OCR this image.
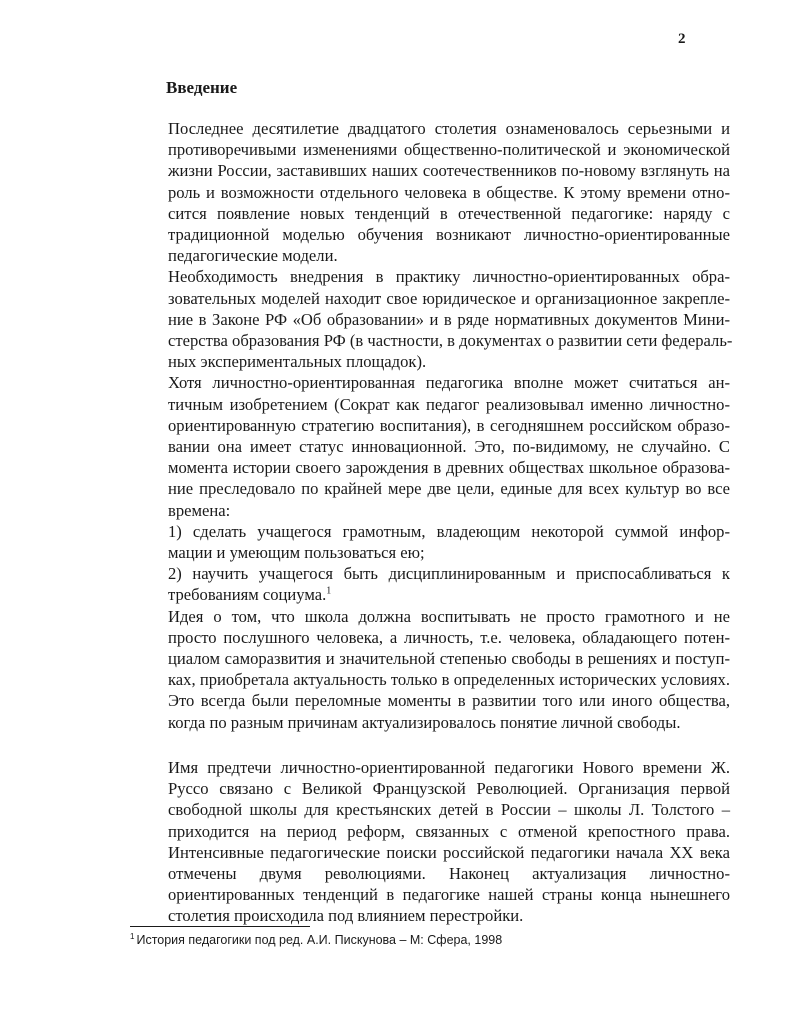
2
Введение

Последнее десятилетие двадцатого столетия ознаменовалось серьезными и
противоречивыми изменениями общественно-политической и экономической
жизни России, заставивших наших соотечественников по-новому взглянуть на
роль и возможности отдельного человека в обществе. К этому времени отно-
сится появление новых тенденций в отечественной педагогике: наряду с
традиционной моделью обучения возникают личностно-ориентированные
педагогические модели.

Необходимость внедрения в практику личностно-ориентированных обра-
зовательных моделей находит свое юридическое и организационное закрепле-
ние в Законе РФ «Об образовании» и в ряде нормативных документов Мини-
стерства образования РФ (в частности, в документах о развитии сети федераль-
ных экспериментальных площадок).

Хотя личностно-ориентированная педагогика вполне может считаться ан-
тичным изобретением (Сократ как педагог реализовывал именно личностно-
ориентированную стратегию воспитания), в сегодняшнем российском образо-
вании она имеет статус инновационной. Это, по-видимому, не случайно. С
момента истории своего зарождения в древних обществах школьное образова-
ние преследовало по крайней мере две цели, единые для всех культур во все
времена:

1) сделать учащегося грамотным, владеющим некоторой суммой инфор-
мации и умеющим пользоваться ею;

2) научить учащегося быть дисциплинированным и приспосабливаться к
требованиям социума.$^1$

Идея о том, что школа должна воспитывать не просто грамотного и не
просто послушного человека, а личность, т.е. человека, обладающего потен-
циалом саморазвития и значительной степенью свободы в решениях и поступ-
ках, приобретала актуальность только в определенных исторических условиях.
Это всегда были переломные моменты в развитии того или иного общества,
когда по разным причинам актуализировалось понятие личной свободы.

Имя предтечи личностно-ориентированной педагогики Нового времени Ж.
Руссо связано с Великой Французской Революцией. Организация первой
свободной школы для крестьянских детей в России – школы Л. Толстого –
приходится на период реформ, связанных с отменой крепостного права.
Интенсивные педагогические поиски российской педагогики начала XX века
отмечены двумя революциями. Наконец актуализация личностно-
ориентированных тенденций в педагогике нашей страны конца нынешнего
столетия происходила под влиянием перестройки.

$^1$ История педагогики под ред. А.И. Пискунова – М: Сфера, 1998
